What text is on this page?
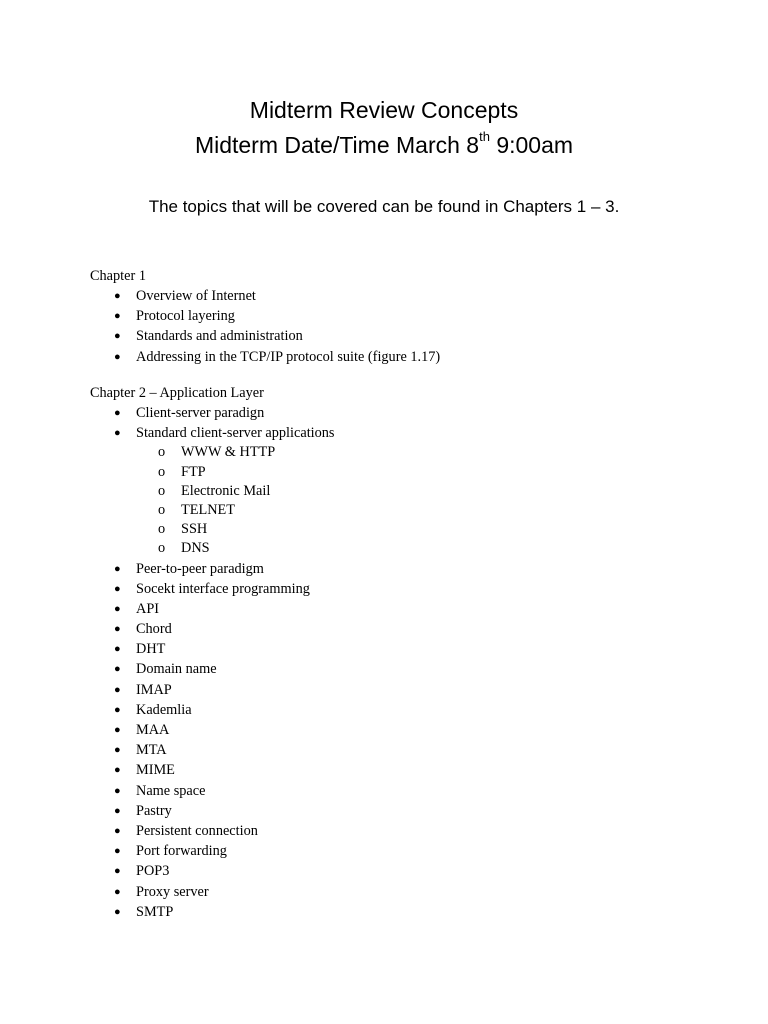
Midterm Review Concepts
Midterm Date/Time March 8th 9:00am
The topics that will be covered can be found in Chapters 1 – 3.
Chapter 1
● Overview of Internet
● Protocol layering
● Standards and administration
● Addressing in the TCP/IP protocol suite (figure 1.17)
Chapter 2 – Application Layer
● Client-server paradign
● Standard client-server applications
o WWW & HTTP
o FTP
o Electronic Mail
o TELNET
o SSH
o DNS
● Peer-to-peer paradigm
● Socekt interface programming
● API
● Chord
● DHT
● Domain name
● IMAP
● Kademlia
● MAA
● MTA
● MIME
● Name space
● Pastry
● Persistent connection
● Port forwarding
● POP3
● Proxy server
● SMTP
